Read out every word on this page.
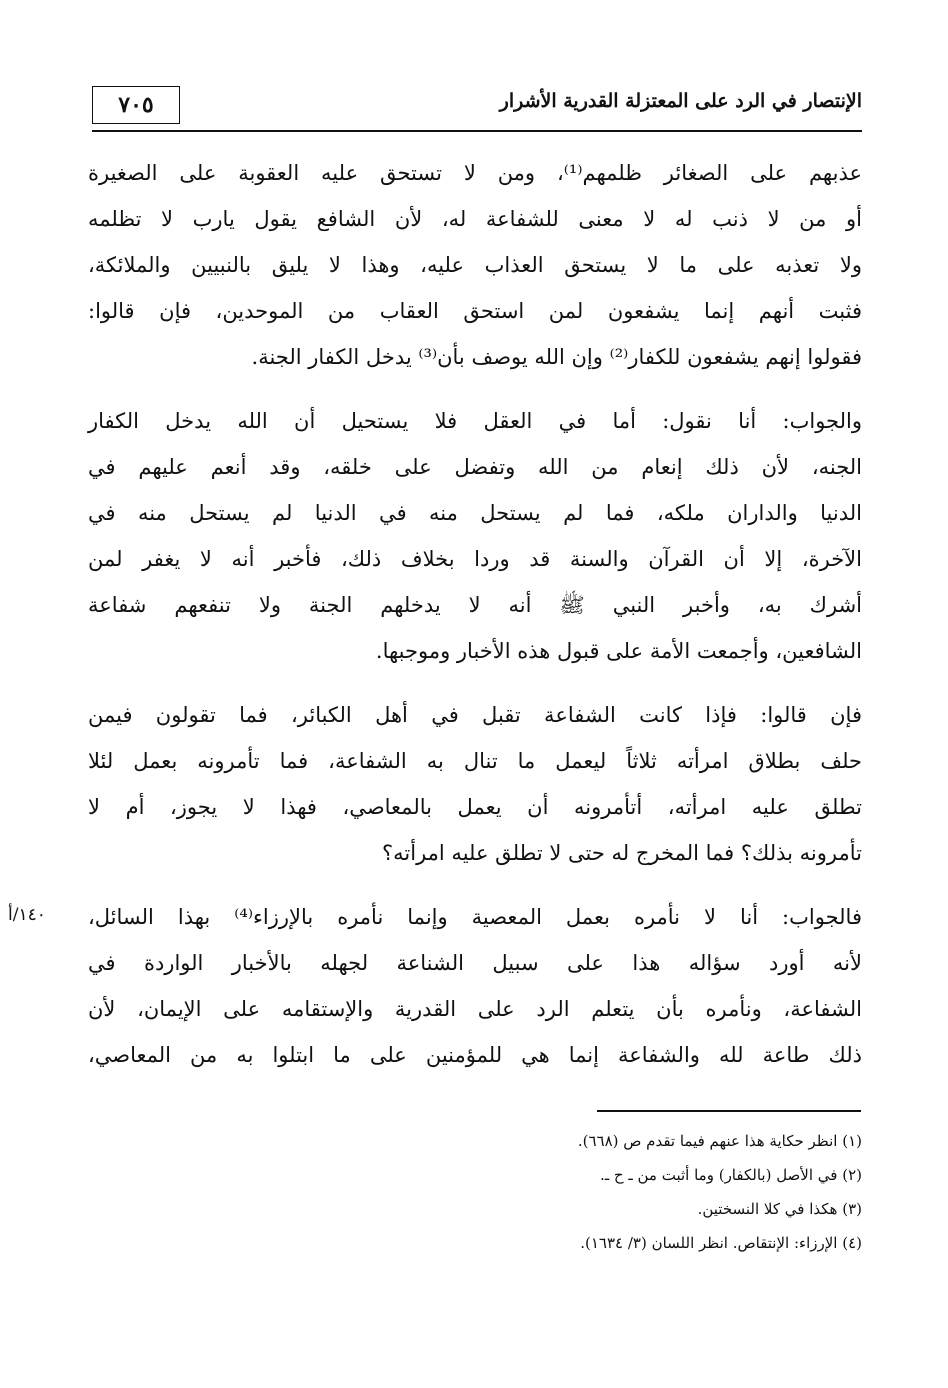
٧٠٥	الإنتصار في الرد على المعتزلة القدرية الأشرار
١٤٠/أ

عذبهم على الصغائر ظلمهم⁽¹⁾، ومن لا تستحق عليه العقوبة على الصغيرة
أو من لا ذنب له لا معنى للشفاعة له، لأن الشافع يقول يارب لا تظلمه
ولا تعذبه على ما لا يستحق العذاب عليه، وهذا لا يليق بالنبيين والملائكة،
فثبت أنهم إنما يشفعون لمن استحق العقاب من الموحدين، فإن قالوا:
فقولوا إنهم يشفعون للكفار⁽²⁾ وإن الله يوصف بأن⁽³⁾ يدخل الكفار الجنة.

والجواب: أنا نقول: أما في العقل فلا يستحيل أن الله يدخل الكفار
الجنه، لأن ذلك إنعام من الله وتفضل على خلقه، وقد أنعم عليهم في
الدنيا والداران ملكه، فما لم يستحل منه في الدنيا لم يستحل منه في
الآخرة، إلا أن القرآن والسنة قد وردا بخلاف ذلك، فأخبر أنه لا يغفر لمن
أشرك به، وأخبر النبي ﷺ أنه لا يدخلهم الجنة ولا تنفعهم شفاعة
الشافعين، وأجمعت الأمة على قبول هذه الأخبار وموجبها.

فإن قالوا: فإذا كانت الشفاعة تقبل في أهل الكبائر، فما تقولون فيمن
حلف بطلاق امرأته ثلاثاً ليعمل ما تنال به الشفاعة، فما تأمرونه بعمل لئلا
تطلق عليه امرأته، أتأمرونه أن يعمل بالمعاصي، فهذا لا يجوز، أم لا
تأمرونه بذلك؟ فما المخرج له حتى لا تطلق عليه امرأته؟

فالجواب: أنا لا نأمره بعمل المعصية وإنما نأمره بالإرزاء⁽⁴⁾ بهذا السائل،
لأنه أورد سؤاله هذا على سبيل الشناعة لجهله بالأخبار الواردة في
الشفاعة، ونأمره بأن يتعلم الرد على القدرية والإستقامه على الإيمان، لأن
ذلك طاعة لله والشفاعة إنما هي للمؤمنين على ما ابتلوا به من المعاصي،

(١) انظر حكاية هذا عنهم فيما تقدم ص (٦٦٨).
(٢) في الأصل (بالكفار) وما أثبت من ـ ح ـ.
(٣) هكذا في كلا النسختين.
(٤) الإرزاء: الإنتقاص. انظر اللسان (٣/ ١٦٣٤).
